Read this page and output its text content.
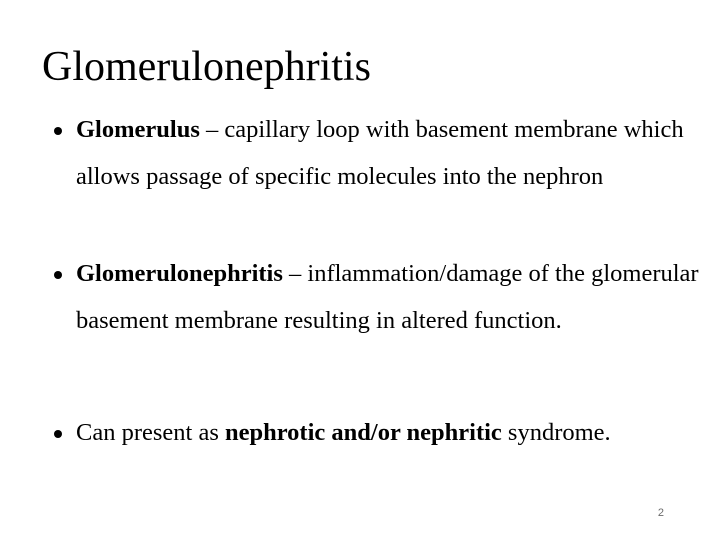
Glomerulonephritis
Glomerulus – capillary loop with basement membrane which allows passage of specific molecules into the nephron
Glomerulonephritis – inflammation/damage of the glomerular basement membrane resulting in altered function.
Can present as nephrotic and/or nephritic syndrome.
2
